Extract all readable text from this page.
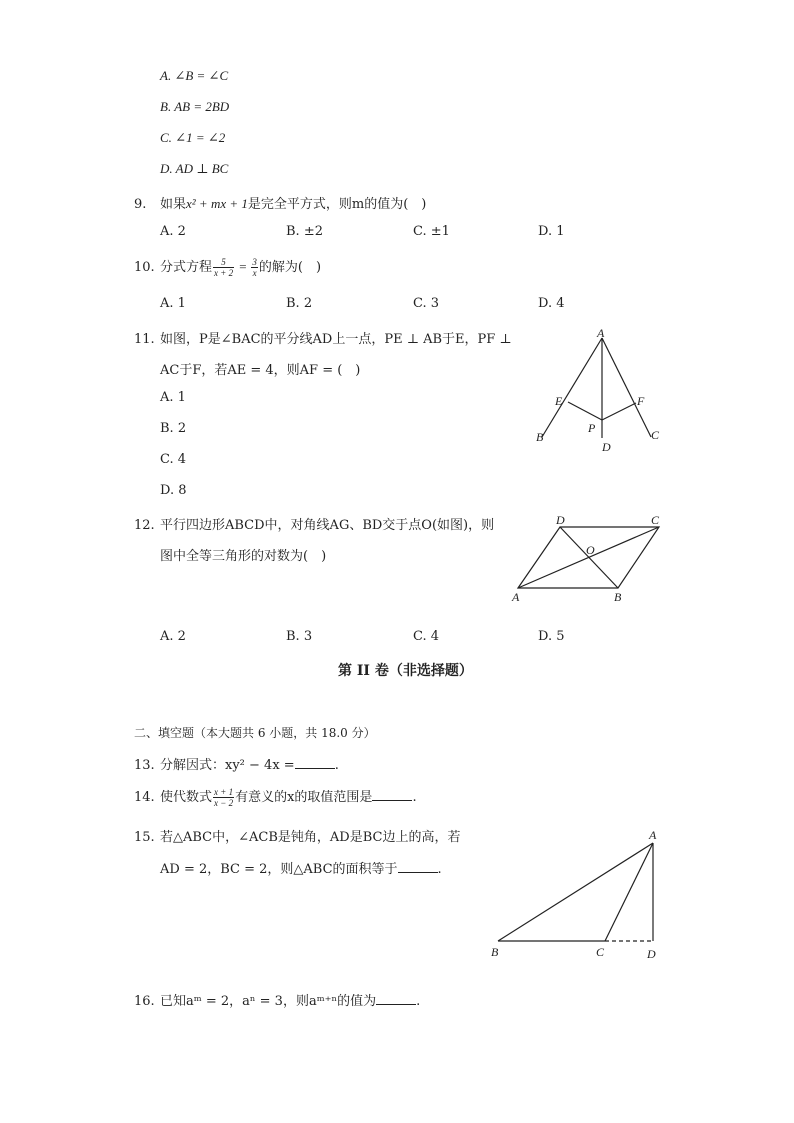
A. ∠B = ∠C
B. AB = 2BD
C. ∠1 = ∠2
D. AD ⊥ BC
9. 如果x² + mx + 1是完全平方式，则m的值为(　)
A. 2	B. ±2	C. ±1	D. 1
10. 分式方程 $\frac{5}{x + 2} = \frac{3}{x}$ 的解为(　)
A. 1	B. 2	C. 3	D. 4
11. 如图，P是∠BAC的平分线AD上一点，PE ⊥ AB于E，PF ⊥
AC于F，若AE = 4，则AF = (　)
A. 1
B. 2
C. 4
D. 8
A
E	F
P
B	C
D
12. 平行四边形ABCD中，对角线AG、BD交于点O(如图)，则
图中全等三角形的对数为(　)
A. 2	B. 3	C. 4	D. 5
D	C
O
A	B
第 II 卷（非选择题）
二、填空题（本大题共 6 小题，共 18.0 分）
13. 分解因式：xy² − 4x =	.
14. 使代数式 $\frac{x + 1}{x - 2}$ 有意义的x的取值范围是	.
15. 若△ABC中，∠ACB是钝角，AD是BC边上的高，若
AD = 2，BC = 2，则△ABC的面积等于	.
A
B	C	D
16. 已知aᵐ = 2，aⁿ = 3，则aᵐ⁺ⁿ的值为	.
